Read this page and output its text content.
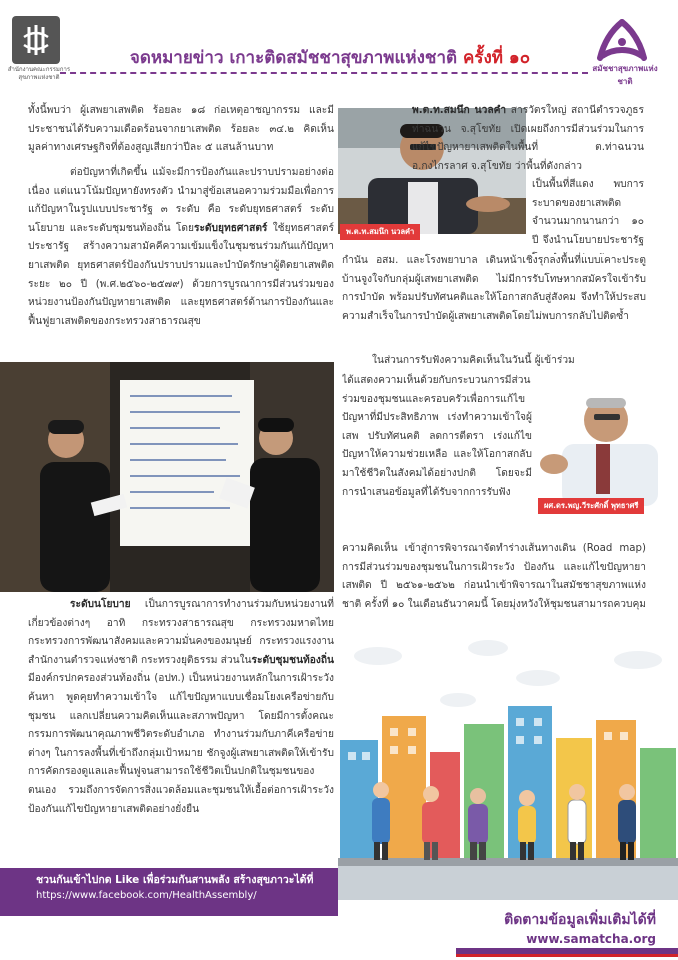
สำนักงานคณะกรรมการสุขภาพแห่งชาติ
จดหมายข่าว เกาะติดสมัชชาสุขภาพแห่งชาติ ครั้งที่ ๑๐
สมัชชาสุขภาพแห่งชาติ
ทั้งนี้พบว่า ผู้เสพยาเสพติด ร้อยละ ๑๘ ก่อเหตุอาชญากรรม และมีประชาชนได้รับความเดือดร้อนจากยาเสพติด ร้อยละ ๓๔.๒ คิดเห็นมูลค่าทางเศรษฐกิจที่ต้องสูญเสียกว่าปีละ ๕ แสนล้านบาท
ต่อปัญหาที่เกิดขึ้น แม้จะมีการป้องกันและปราบปรามอย่างต่อเนื่อง แต่แนวโน้มปัญหายังทรงตัว นำมาสู่ข้อเสนอความร่วมมือเพื่อการแก้ปัญหาในรูปแบบประชารัฐ ๓ ระดับ คือ ระดับยุทธศาสตร์ ระดับนโยบาย และระดับชุมชนท้องถิ่น โดยระดับยุทธศาสตร์ ใช้ยุทธศาสตร์ประชารัฐ สร้างความสามัคคีความเข้มแข็งในชุมชนร่วมกันแก้ปัญหายาเสพติด ยุทธศาสตร์ป้องกันปราบปรามและบำบัดรักษาผู้ติดยาเสพติดระยะ ๒๐ ปี (พ.ศ.๒๕๖๐-๒๕๗๙) ด้วยการบูรณาการมีส่วนร่วมของหน่วยงานป้องกันปัญหายาเสพติด และยุทธศาสตร์ด้านการป้องกันและฟื้นฟูยาเสพติดของกระทรวงสาธารณสุข
พ.ต.ท.สมนึก นวลคำ
พ.ต.ท.สมนึก นวลคำ สารวัตรใหญ่ สถานีตำรวจภูธรท่าฉนวน จ.สุโขทัย เปิดเผยถึงการมีส่วนร่วมในการแก้ไขปัญหายาเสพติดในพื้นที่ ต.ท่าฉนวน อ.กงไกรลาศ จ.สุโขทัย ว่าพื้นที่ดังกล่าว
เป็นพื้นที่สีแดง พบการระบาดของยาเสพติดจำนวนมากนานกว่า ๑๐ ปี จึงนำนโยบายประชารัฐ
กำนัน อสม. และโรงพยาบาล เดินหน้าเชิงรุกลงพื้นที่แบบเคาะประตูบ้านจูงใจกับกลุ่มผู้เสพยาเสพติด ไม่มีการรับโทษหากสมัครใจเข้ารับการบำบัด พร้อมปรับทัศนคติและให้โอกาสกลับสู่สังคม จึงทำให้ประสบความสำเร็จในการบำบัดผู้เสพยาเสพติดโดยไม่พบการกลับไปติดซ้ำ
ผศ.ดร.พญ.วีระศักดิ์ พุทธาศรี
ในส่วนการรับฟังความคิดเห็นในวันนี้ ผู้เข้าร่วม
ได้แสดงความเห็นด้วยกับกระบวนการมีส่วนร่วมของชุมชนและครอบครัวเพื่อการแก้ไขปัญหาที่มีประสิทธิภาพ เร่งทำความเข้าใจผู้เสพ ปรับทัศนคติ ลดการตีตรา เร่งแก้ไขปัญหาให้ความช่วยเหลือ และให้โอกาสกลับมาใช้ชีวิตในสังคมได้อย่างปกติ โดยจะมีการนำเสนอข้อมูลที่ได้รับจากการรับฟัง
ความคิดเห็น เข้าสู่การพิจารณาจัดทำร่างเส้นทางเดิน (Road map) การมีส่วนร่วมของชุมชนในการเฝ้าระวัง ป้องกัน และแก้ไขปัญหายาเสพติด ปี ๒๕๖๑-๒๕๖๒ ก่อนนำเข้าพิจารณาในสมัชชาสุขภาพแห่งชาติ ครั้งที่ ๑๐ ในเดือนธันวาคมนี้ โดยมุ่งหวังให้ชุมชนสามารถควบคุม
ระดับนโยบาย เป็นการบูรณาการทำงานร่วมกับหน่วยงานที่เกี่ยวข้องต่างๆ อาทิ กระทรวงสาธารณสุข กระทรวงมหาดไทย กระทรวงการพัฒนาสังคมและความมั่นคงของมนุษย์ กระทรวงแรงงาน สำนักงานตำรวจแห่งชาติ กระทรวงยุติธรรม ส่วนในระดับชุมชนท้องถิ่น มีองค์กรปกครองส่วนท้องถิ่น (อปท.) เป็นหน่วยงานหลักในการเฝ้าระวัง ค้นหา พูดคุยทำความเข้าใจ แก้ไขปัญหาแบบเชื่อมโยงเครือข่ายกับชุมชน แลกเปลี่ยนความคิดเห็นและสภาพปัญหา โดยมีการตั้งคณะกรรมการพัฒนาคุณภาพชีวิตระดับอำเภอ ทำงานร่วมกับภาคีเครือข่ายต่างๆ ในการลงพื้นที่เข้าถึงกลุ่มเป้าหมาย ชักจูงผู้เสพยาเสพติดให้เข้ารับการคัดกรองดูแลและฟื้นฟูจนสามารถใช้ชีวิตเป็นปกติในชุมชนของตนเอง รวมถึงการจัดการสิ่งแวดล้อมและชุมชนให้เอื้อต่อการเฝ้าระวังป้องกันแก้ไขปัญหายาเสพติดอย่างยั่งยืน
ชวนกันเข้าไปกด Like เพื่อร่วมกันสานพลัง สร้างสุขภาวะได้ที่
https://www.facebook.com/HealthAssembly/
ติดตามข้อมูลเพิ่มเติมได้ที่
www.samatcha.org
